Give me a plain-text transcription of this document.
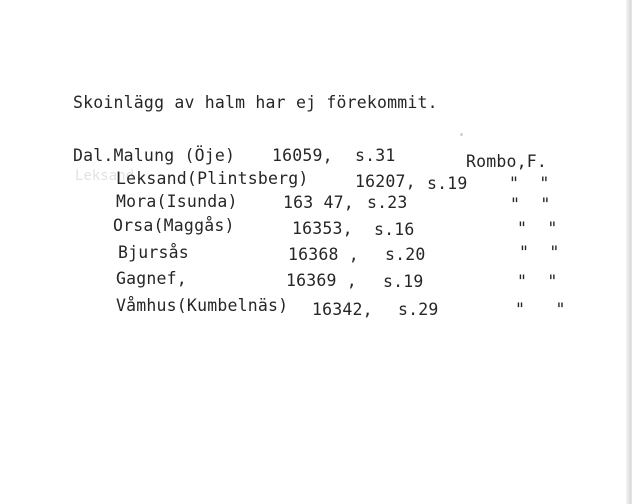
Skoinlägg av halm har ej förekommit.
Leksand
Dal.Malung (Öje) 16059, s.31	Rombo,F.
Leksand(Plintsberg)	16207, s.19	"  "
Mora(Isunda)	163 47, s.23	"  "
Orsa(Maggås)	16353, s.16	"  "
Bjursås	16368 , s.20	"  "
Gagnef,	16369 , s.19	"  "
Våmhus(Kumbelnäs) 16342, s.29	"   "
